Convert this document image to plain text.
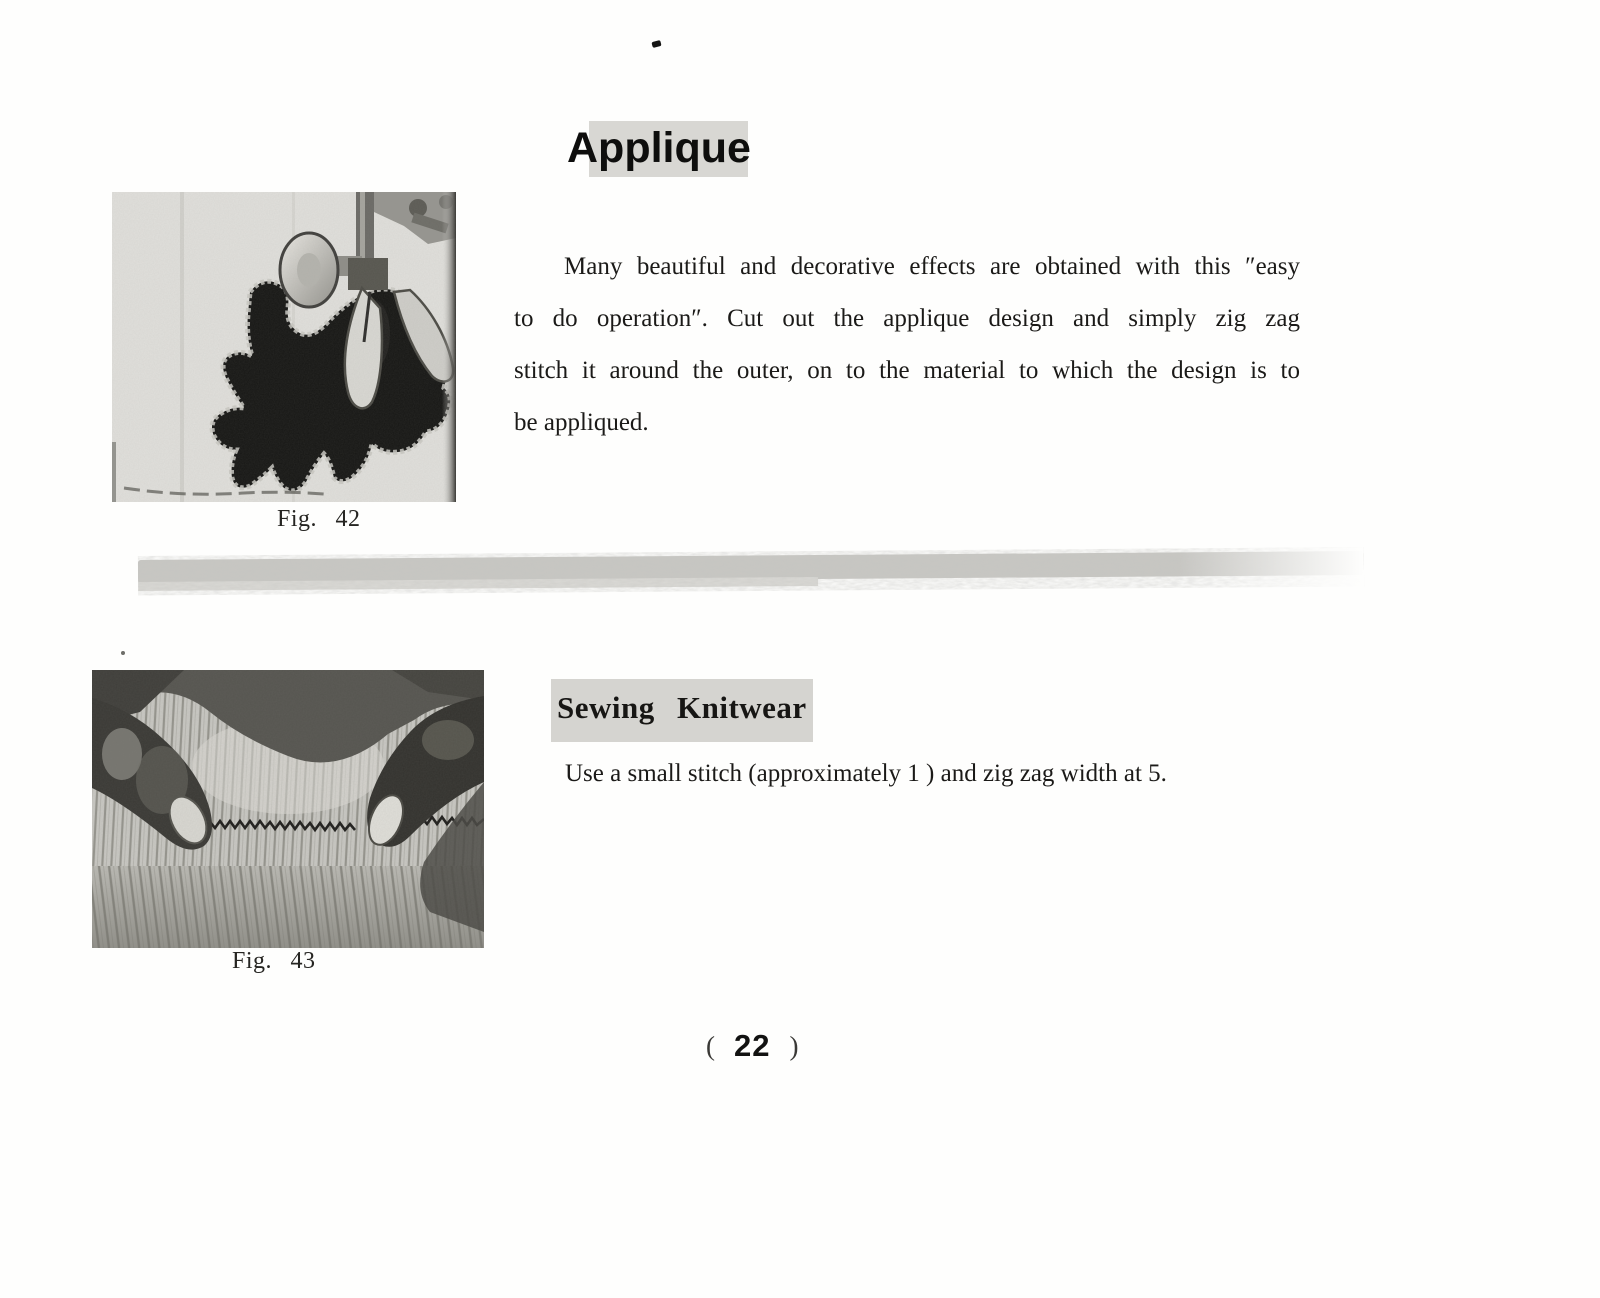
Applique
Fig. 42
Many beautiful and decorative effects are obtained with this ″easy
to do operation″. Cut out the applique design and simply zig zag
stitch it around the outer, on to the material to which the design is to
be appliqued.
Fig. 43
Sewing Knitwear
Use a small stitch (approximately 1 ) and zig zag width at 5.
( 22 )
